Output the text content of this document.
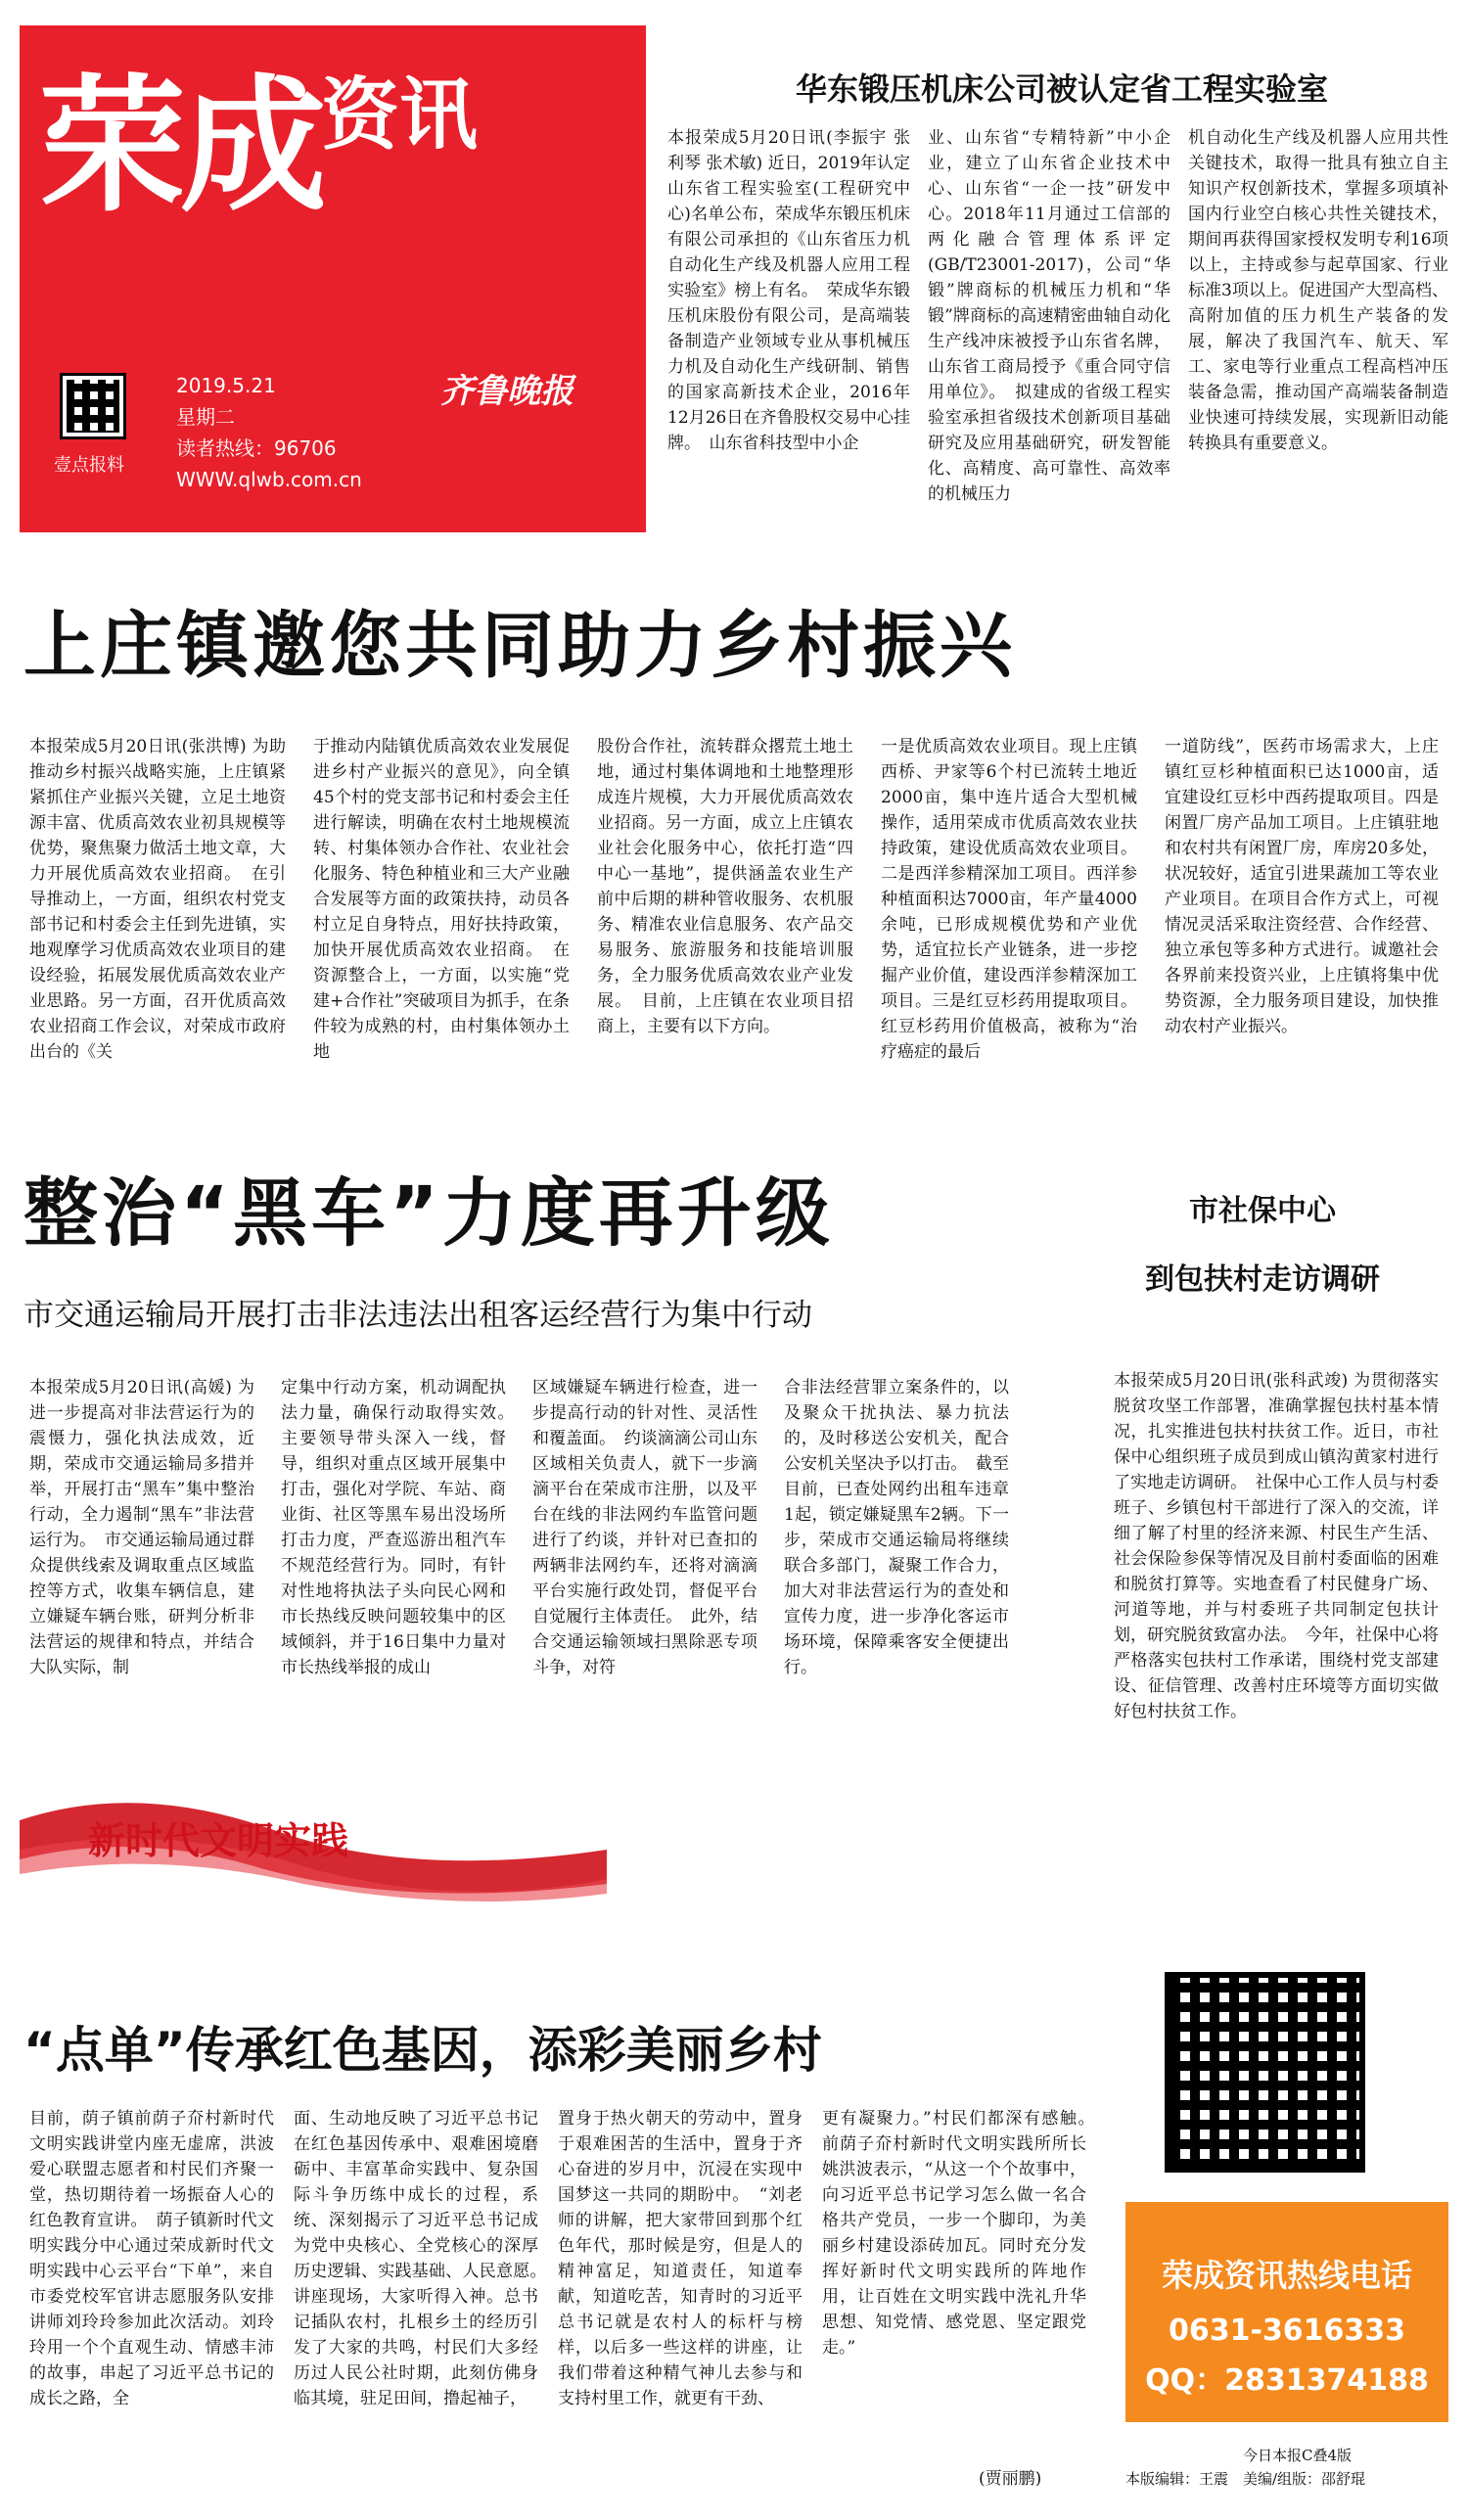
荣成资讯
壹点报料
2019.5.21
星期二
读者热线：96706
WWW.qlwb.com.cn
齐鲁晚报
华东锻压机床公司被认定省工程实验室
本报荣成5月20日讯(李振宇 张利琴 张术敏) 近日，2019年认定山东省工程实验室(工程研究中心)名单公布，荣成华东锻压机床有限公司承担的《山东省压力机自动化生产线及机器人应用工程实验室》榜上有名。　荣成华东锻压机床股份有限公司，是高端装备制造产业领域专业从事机械压力机及自动化生产线研制、销售的国家高新技术企业，2016年12月26日在齐鲁股权交易中心挂牌。　山东省科技型中小企
业、山东省“专精特新”中小企业，建立了山东省企业技术中心、山东省“一企一技”研发中心。2018年11月通过工信部的两化融合管理体系评定(GB/T23001-2017)，公司“华锻”牌商标的机械压力机和“华锻”牌商标的高速精密曲轴自动化生产线冲床被授予山东省名牌，山东省工商局授予《重合同守信用单位》。　拟建成的省级工程实验室承担省级技术创新项目基础研究及应用基础研究，研发智能化、高精度、高可靠性、高效率的机械压力
机自动化生产线及机器人应用共性关键技术，取得一批具有独立自主知识产权创新技术，掌握多项填补国内行业空白核心共性关键技术，期间再获得国家授权发明专利16项以上，主持或参与起草国家、行业标准3项以上。促进国产大型高档、高附加值的压力机生产装备的发展，解决了我国汽车、航天、军工、家电等行业重点工程高档冲压装备急需，推动国产高端装备制造业快速可持续发展，实现新旧动能转换具有重要意义。
上庄镇邀您共同助力乡村振兴
本报荣成5月20日讯(张洪博) 为助推动乡村振兴战略实施，上庄镇紧紧抓住产业振兴关键，立足土地资源丰富、优质高效农业初具规模等优势，聚焦聚力做活土地文章，大力开展优质高效农业招商。　在引导推动上，一方面，组织农村党支部书记和村委会主任到先进镇，实地观摩学习优质高效农业项目的建设经验，拓展发展优质高效农业产业思路。另一方面，召开优质高效农业招商工作会议，对荣成市政府出台的《关
于推动内陆镇优质高效农业发展促进乡村产业振兴的意见》，向全镇45个村的党支部书记和村委会主任进行解读，明确在农村土地规模流转、村集体领办合作社、农业社会化服务、特色种植业和三大产业融合发展等方面的政策扶持，动员各村立足自身特点，用好扶持政策，加快开展优质高效农业招商。　在资源整合上，一方面，以实施“党建+合作社”突破项目为抓手，在条件较为成熟的村，由村集体领办土地
股份合作社，流转群众撂荒土地土地，通过村集体调地和土地整理形成连片规模，大力开展优质高效农业招商。另一方面，成立上庄镇农业社会化服务中心，依托打造“四中心一基地”，提供涵盖农业生产前中后期的耕种管收服务、农机服务、精准农业信息服务、农产品交易服务、旅游服务和技能培训服务，全力服务优质高效农业产业发展。　目前，上庄镇在农业项目招商上，主要有以下方向。
一是优质高效农业项目。现上庄镇西桥、尹家等6个村已流转土地近2000亩，集中连片适合大型机械操作，适用荣成市优质高效农业扶持政策，建设优质高效农业项目。二是西洋参精深加工项目。西洋参种植面积达7000亩，年产量4000余吨，已形成规模优势和产业优势，适宜拉长产业链条，进一步挖掘产业价值，建设西洋参精深加工项目。三是红豆杉药用提取项目。红豆杉药用价值极高，被称为“治疗癌症的最后
一道防线”，医药市场需求大，上庄镇红豆杉种植面积已达1000亩，适宜建设红豆杉中西药提取项目。四是闲置厂房产品加工项目。上庄镇驻地和农村共有闲置厂房，库房20多处，状况较好，适宜引进果蔬加工等农业产业项目。在项目合作方式上，可视情况灵活采取注资经营、合作经营、独立承包等多种方式进行。诚邀社会各界前来投资兴业，上庄镇将集中优势资源，全力服务项目建设，加快推动农村产业振兴。
整治“黑车”力度再升级
市交通运输局开展打击非法违法出租客运经营行为集中行动
本报荣成5月20日讯(高媛) 为进一步提高对非法营运行为的震慑力，强化执法成效，近期，荣成市交通运输局多措并举，开展打击“黑车”集中整治行动，全力遏制“黑车”非法营运行为。　市交通运输局通过群众提供线索及调取重点区域监控等方式，收集车辆信息，建立嫌疑车辆台账，研判分析非法营运的规律和特点，并结合大队实际，制
定集中行动方案，机动调配执法力量，确保行动取得实效。　主要领导带头深入一线，督导，组织对重点区域开展集中打击，强化对学院、车站、商业街、社区等黑车易出没场所打击力度，严查巡游出租汽车不规范经营行为。同时，有针对性地将执法子头向民心网和市长热线反映问题较集中的区域倾斜，并于16日集中力量对市长热线举报的成山
区域嫌疑车辆进行检查，进一步提高行动的针对性、灵活性和覆盖面。　约谈滴滴公司山东区域相关负责人，就下一步滴滴平台在荣成市注册，以及平台在线的非法网约车监管问题进行了约谈，并针对已查扣的两辆非法网约车，还将对滴滴平台实施行政处罚，督促平台自觉履行主体责任。　此外，结合交通运输领域扫黑除恶专项斗争，对符
合非法经营罪立案条件的，以及聚众干扰执法、暴力抗法的，及时移送公安机关，配合公安机关坚决予以打击。　截至目前，已查处网约出租车违章1起，锁定嫌疑黑车2辆。下一步，荣成市交通运输局将继续联合多部门，凝聚工作合力，加大对非法营运行为的查处和宣传力度，进一步净化客运市场环境，保障乘客安全便捷出行。
市社保中心
到包扶村走访调研
本报荣成5月20日讯(张科武竣) 为贯彻落实脱贫攻坚工作部署，准确掌握包扶村基本情况，扎实推进包扶村扶贫工作。近日，市社保中心组织班子成员到成山镇沟黄家村进行了实地走访调研。　社保中心工作人员与村委班子、乡镇包村干部进行了深入的交流，详细了解了村里的经济来源、村民生产生活、社会保险参保等情况及目前村委面临的困难和脱贫打算等。实地查看了村民健身广场、河道等地，并与村委班子共同制定包扶计划，研究脱贫致富办法。　今年，社保中心将严格落实包扶村工作承诺，围绕村党支部建设、征信管理、改善村庄环境等方面切实做好包村扶贫工作。
新时代文明实践
“点单”传承红色基因，添彩美丽乡村
目前，荫子镇前荫子夼村新时代文明实践讲堂内座无虚席，洪波爱心联盟志愿者和村民们齐聚一堂，热切期待着一场振奋人心的红色教育宣讲。　荫子镇新时代文明实践分中心通过荣成新时代文明实践中心云平台“下单”，来自市委党校军官讲志愿服务队安排讲师刘玲玲参加此次活动。刘玲玲用一个个直观生动、情感丰沛的故事，串起了习近平总书记的成长之路，全
面、生动地反映了习近平总书记在红色基因传承中、艰难困境磨砺中、丰富革命实践中、复杂国际斗争历练中成长的过程，系统、深刻揭示了习近平总书记成为党中央核心、全党核心的深厚历史逻辑、实践基础、人民意愿。　讲座现场，大家听得入神。总书记插队农村，扎根乡土的经历引发了大家的共鸣，村民们大多经历过人民公社时期，此刻仿佛身临其境，驻足田间，撸起袖子，
置身于热火朝天的劳动中，置身于艰难困苦的生活中，置身于齐心奋进的岁月中，沉浸在实现中国梦这一共同的期盼中。　“刘老师的讲解，把大家带回到那个红色年代，那时候是穷，但是人的精神富足，知道责任，知道奉献，知道吃苦，知青时的习近平总书记就是农村人的标杆与榜样，以后多一些这样的讲座，让我们带着这种精气神儿去参与和支持村里工作，就更有干劲、
更有凝聚力。”村民们都深有感触。　前荫子夼村新时代文明实践所所长姚洪波表示，“从这一个个故事中，向习近平总书记学习怎么做一名合格共产党员，一步一个脚印，为美丽乡村建设添砖加瓦。同时充分发挥好新时代文明实践所的阵地作用，让百姓在文明实践中洗礼升华思想、知党情、感党恩、坚定跟党走。”
(贾丽鹏)
荣成资讯热线电话
0631-3616333
QQ：2831374188
今日本报C叠4版
本版编辑：王震　美编/组版：邵舒琨
